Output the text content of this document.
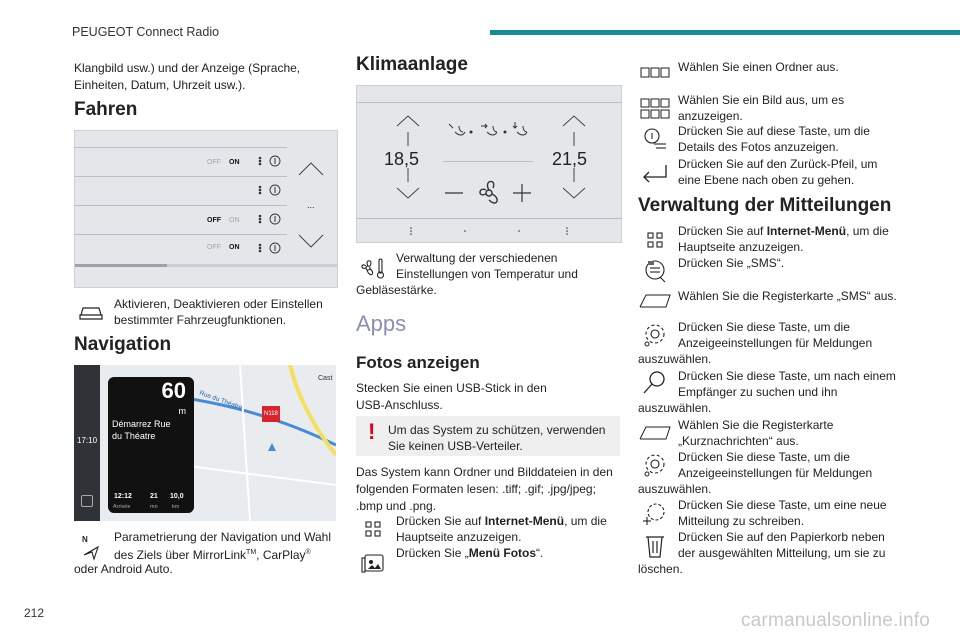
PEUGEOT Connect Radio
212	carmanualsonline.info
Klangbild usw.) und der Anzeige (Sprache,
Einheiten, Datum, Uhrzeit usw.).
Fahren
OFF ON
OFF ON
OFF ON
...
Aktivieren, Deaktivieren oder Einstellen
bestimmter Fahrzeugfunktionen.
Navigation
17:10
Rue du Théatre
N118
Cast
60
m
Démarrez Rue
du Théatre
12:12
Arrivée
21
mn
10,0
km
N Parametrierung der Navigation und Wahl
des Ziels über MirrorLink™, CarPlay®
oder Android Auto.
Klimaanlage
18,5	21,5
Verwaltung der verschiedenen
Einstellungen von Temperatur und
Gebläsestärke.
Apps
Fotos anzeigen
Stecken Sie einen USB-Stick in den
USB-Anschluss.
! Um das System zu schützen, verwenden
Sie keinen USB-Verteiler.
Das System kann Ordner und Bilddateien in den
folgenden Formaten lesen: .tiff; .gif; .jpg/jpeg;
.bmp und .png.
Drücken Sie auf Internet-Menü, um die
Hauptseite anzuzeigen.
Drücken Sie „Menü Fotos“.
Wählen Sie einen Ordner aus.
Wählen Sie ein Bild aus, um es
anzuzeigen.
Drücken Sie auf diese Taste, um die
Details des Fotos anzuzeigen.
Drücken Sie auf den Zurück-Pfeil, um
eine Ebene nach oben zu gehen.
Verwaltung der Mitteilungen
Drücken Sie auf Internet-Menü, um die
Hauptseite anzuzeigen.
Drücken Sie „SMS“.
Wählen Sie die Registerkarte „SMS“ aus.
Drücken Sie diese Taste, um die
Anzeigeeinstellungen für Meldungen
auszuwählen.
Drücken Sie diese Taste, um nach einem
Empfänger zu suchen und ihn
auszuwählen.
Wählen Sie die Registerkarte
„Kurznachrichten“ aus.
Drücken Sie diese Taste, um die
Anzeigeeinstellungen für Meldungen
auszuwählen.
Drücken Sie diese Taste, um eine neue
Mitteilung zu schreiben.
Drücken Sie auf den Papierkorb neben
der ausgewählten Mitteilung, um sie zu
löschen.
